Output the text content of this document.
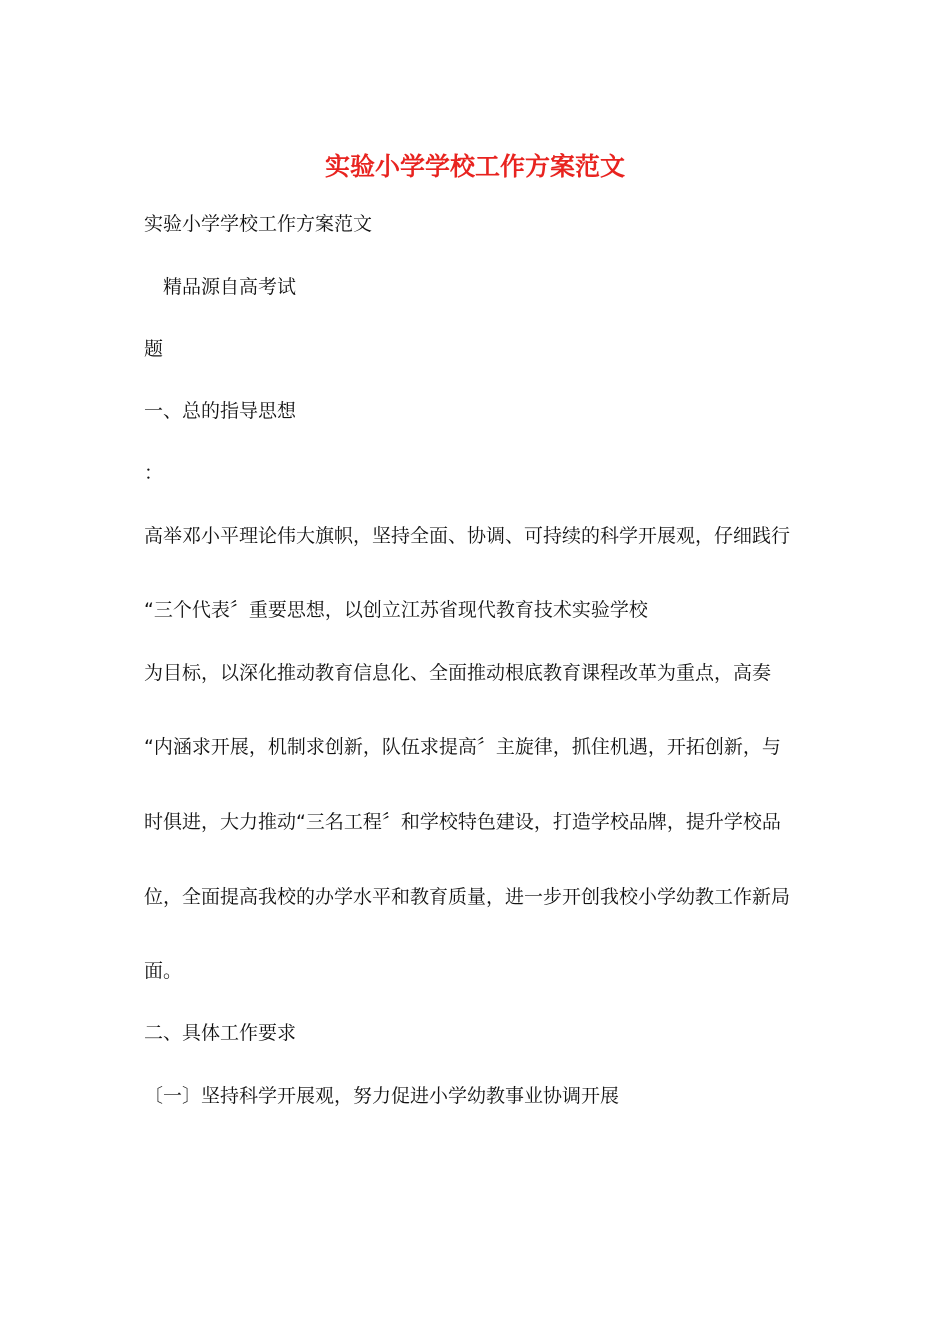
实验小学学校工作方案范文

实验小学学校工作方案范文

精品源自高考试

题

一、总的指导思想

：

高举邓小平理论伟大旗帜，坚持全面、协调、可持续的科学开展观，仔细践行

“三个代表〞重要思想，以创立江苏省现代教育技术实验学校

为目标，以深化推动教育信息化、全面推动根底教育课程改革为重点，高奏

“内涵求开展，机制求创新，队伍求提高〞主旋律，抓住机遇，开拓创新，与

时俱进，大力推动“三名工程〞和学校特色建设，打造学校品牌，提升学校品

位，全面提高我校的办学水平和教育质量，进一步开创我校小学幼教工作新局

面。

二、具体工作要求

〔一〕坚持科学开展观，努力促进小学幼教事业协调开展
